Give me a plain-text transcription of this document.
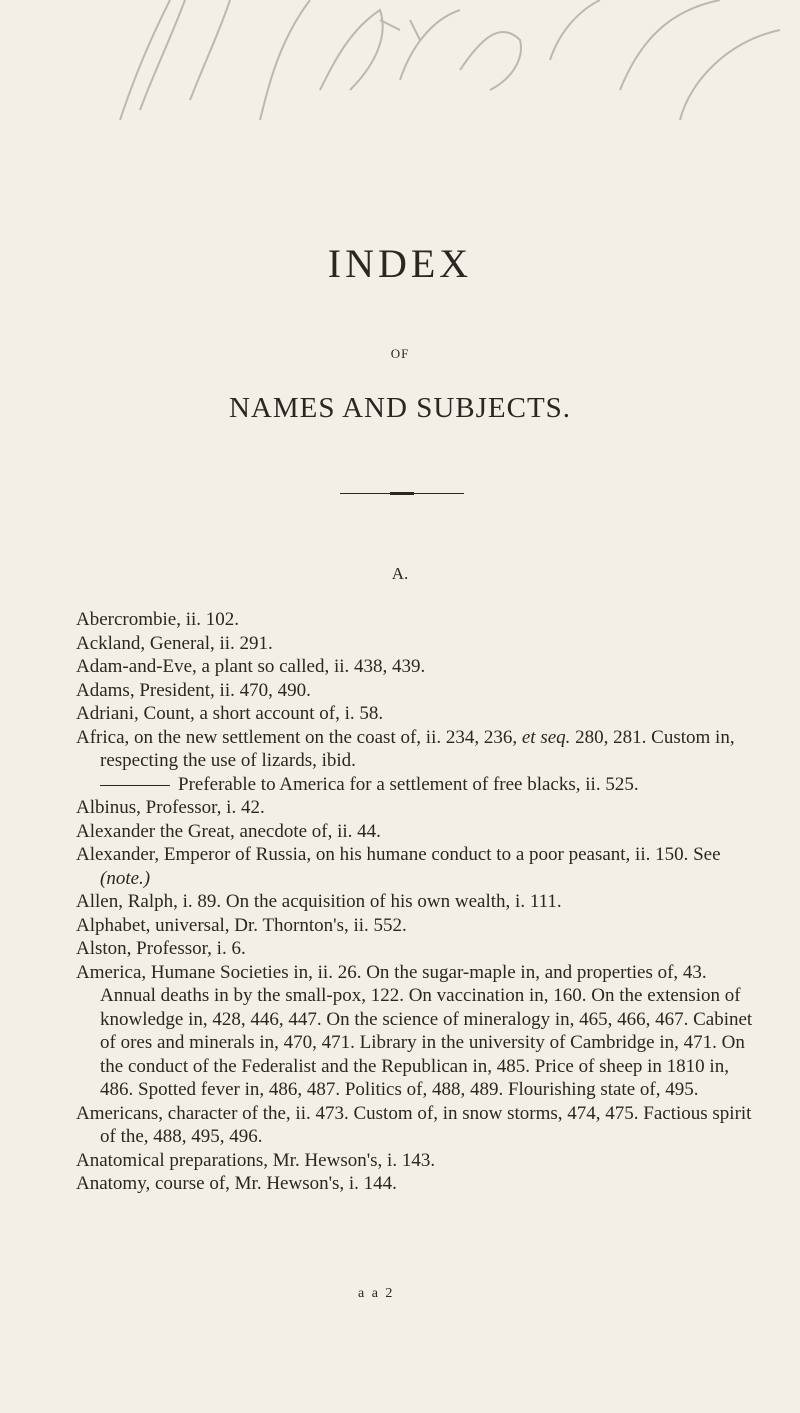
INDEX
OF
NAMES AND SUBJECTS.
A.

Abercrombie, ii. 102.

Ackland, General, ii. 291.

Adam-and-Eve, a plant so called, ii. 438, 439.

Adams, President, ii. 470, 490.

Adriani, Count, a short account of, i. 58.

Africa, on the new settlement on the coast of, ii. 234, 236, et seq. 280, 281. Custom in, respecting the use of lizards, ibid.

Preferable to America for a settlement of free blacks, ii. 525.

Albinus, Professor, i. 42.

Alexander the Great, anecdote of, ii. 44.

Alexander, Emperor of Russia, on his humane conduct to a poor peasant, ii. 150. See (note.)

Allen, Ralph, i. 89. On the acquisition of his own wealth, i. 111.

Alphabet, universal, Dr. Thornton's, ii. 552.

Alston, Professor, i. 6.

America, Humane Societies in, ii. 26. On the sugar-maple in, and properties of, 43. Annual deaths in by the small-pox, 122. On vaccination in, 160. On the extension of knowledge in, 428, 446, 447. On the science of mineralogy in, 465, 466, 467. Cabinet of ores and minerals in, 470, 471. Library in the university of Cambridge in, 471. On the conduct of the Federalist and the Republican in, 485. Price of sheep in 1810 in, 486. Spotted fever in, 486, 487. Politics of, 488, 489. Flourishing state of, 495.

Americans, character of the, ii. 473. Custom of, in snow storms, 474, 475. Factious spirit of the, 488, 495, 496.

Anatomical preparations, Mr. Hewson's, i. 143.

Anatomy, course of, Mr. Hewson's, i. 144.

a a 2
